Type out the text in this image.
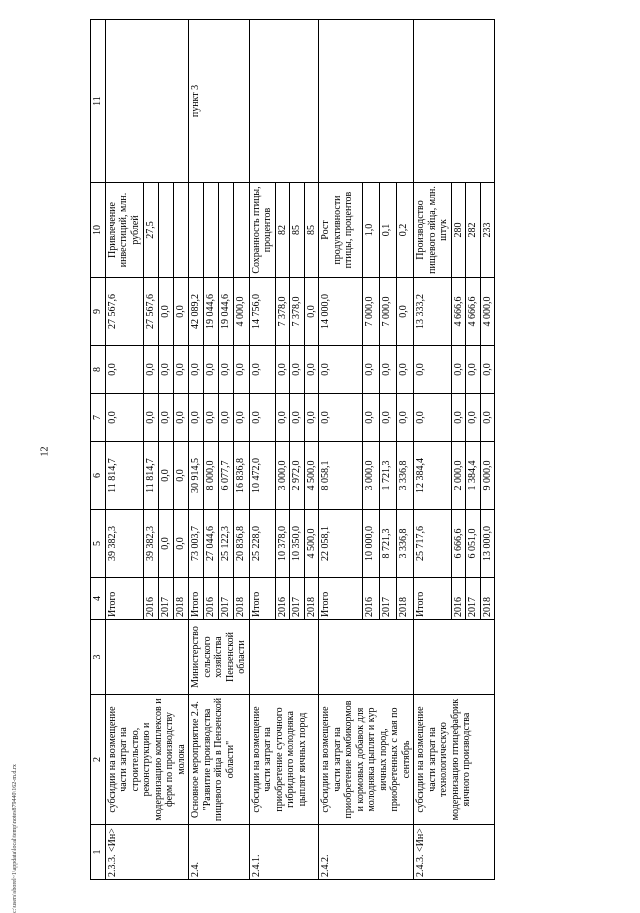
12
c:\users\sborel~1\appdata\local\temp\notes879440\162-m.d.rx	1	2	3	4	5	6	7	8	9	10	11
2.3.3. <Ин>	субсидии на возмещение части затрат на строительство, реконструкцию и модернизацию комплексов и ферм по производству молока		Итого	39 382,3	11 814,7	0,0	0,0	27 567,6	Привлечение инвестиций, млн. рублей	
			2016	39 382,3	11 814,7	0,0	0,0	27 567,6	27,5	
			2017	0,0	0,0	0,0	0,0	0,0		
			2018	0,0	0,0	0,0	0,0	0,0		
2.4.	Основное мероприятие 2.4. "Развитие производства пищевого яйца в Пензенской области"	Министерство сельского хозяйства Пензенской области	Итого	73 003,7	30 914,5	0,0	0,0	42 089,2		пункт 3
			2016	27 044,6	8 000,0	0,0	0,0	19 044,6		
			2017	25 122,3	6 077,7	0,0	0,0	19 044,6		
			2018	20 836,8	16 836,8	0,0	0,0	4 000,0		
2.4.1.	субсидии на возмещение части затрат на приобретение суточного гибридного молодняка цыплят яичных пород		Итого	25 228,0	10 472,0	0,0	0,0	14 756,0	Сохранность птицы, процентов	
			2016	10 378,0	3 000,0	0,0	0,0	7 378,0	82	
			2017	10 350,0	2 972,0	0,0	0,0	7 378,0	85	
			2018	4 500,0	4 500,0	0,0	0,0	0,0	85	
2.4.2.	субсидии на возмещение части затрат на приобретение комбикормов и кормовых добавок для молодняка цыплят и кур яичных пород, приобретенных с мая по сентябрь		Итого	22 058,1	8 058,1	0,0	0,0	14 000,0	Рост продуктивности птицы, процентов	
			2016	10 000,0	3 000,0	0,0	0,0	7 000,0	1,0	
			2017	8 721,3	1 721,3	0,0	0,0	7 000,0	0,1	
			2018	3 336,8	3 336,8	0,0	0,0	0,0	0,2	
2.4.3. <Ин>	субсидии на возмещение части затрат на технологическую модернизацию птицефабрик яичного производства		Итого	25 717,6	12 384,4	0,0	0,0	13 333,2	Производство пищевого яйца, млн. штук	
			2016	6 666,6	2 000,0	0,0	0,0	4 666,6	280	
			2017	6 051,0	1 384,4	0,0	0,0	4 666,6	282	
			2018	13 000,0	9 000,0	0,0	0,0	4 000,0	233	
